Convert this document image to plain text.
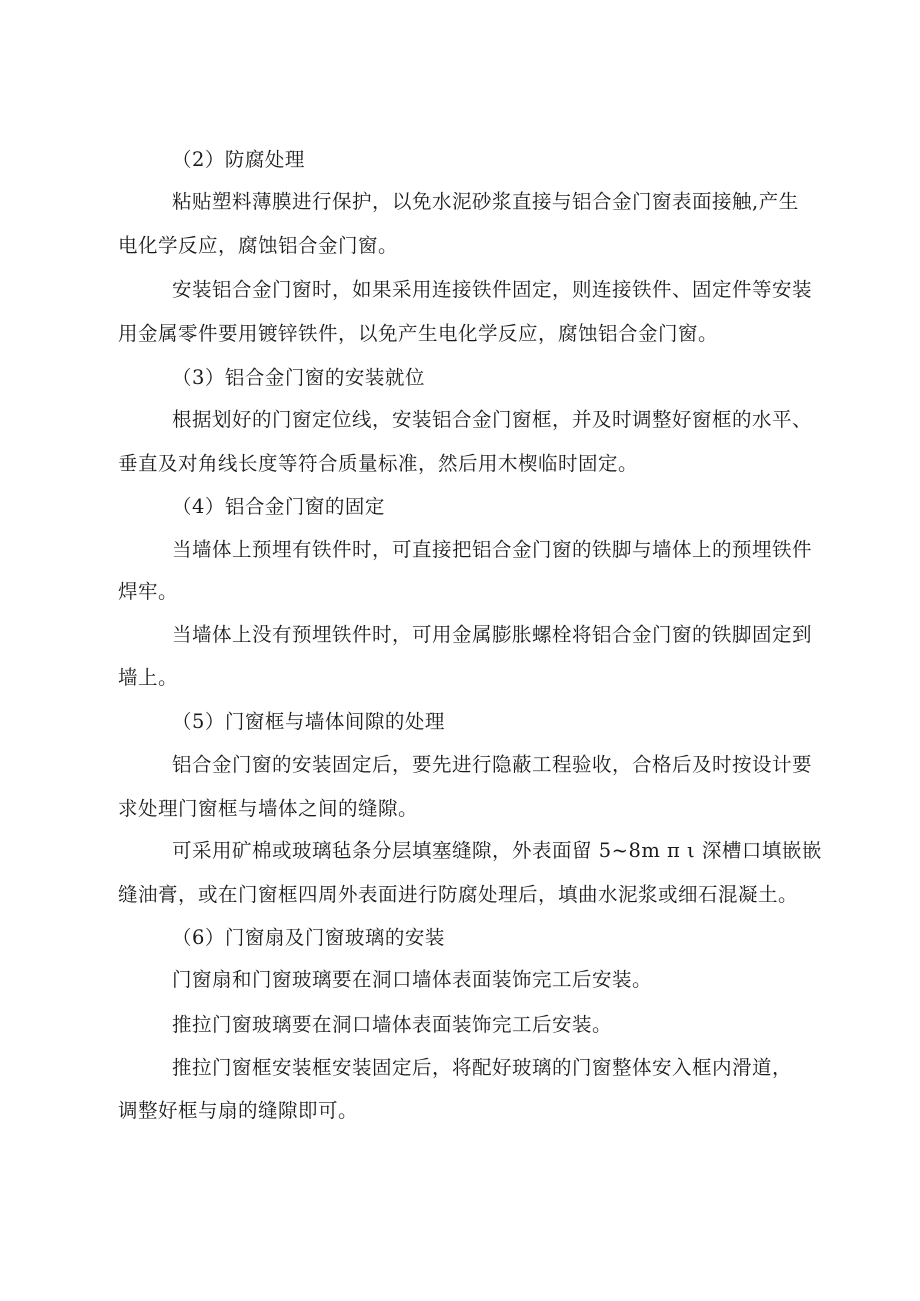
（2）防腐处理

粘贴塑料薄膜进行保护，以免水泥砂浆直接与铝合金门窗表面接触,产生

电化学反应，腐蚀铝合金门窗。

安装铝合金门窗时，如果采用连接铁件固定，则连接铁件、固定件等安装

用金属零件要用镀锌铁件，以免产生电化学反应，腐蚀铝合金门窗。

（3）铝合金门窗的安装就位

根据划好的门窗定位线，安装铝合金门窗框，并及时调整好窗框的水平、

垂直及对角线长度等符合质量标准，然后用木楔临时固定。

（4）铝合金门窗的固定

当墙体上预埋有铁件时，可直接把铝合金门窗的铁脚与墙体上的预埋铁件

焊牢。

当墙体上没有预埋铁件时，可用金属膨胀螺栓将铝合金门窗的铁脚固定到

墙上。

（5）门窗框与墙体间隙的处理

铝合金门窗的安装固定后，要先进行隐蔽工程验收，合格后及时按设计要

求处理门窗框与墙体之间的缝隙。

可采用矿棉或玻璃毡条分层填塞缝隙，外表面留 5~8m π ι 深槽口填嵌嵌

缝油膏，或在门窗框四周外表面进行防腐处理后，填曲水泥浆或细石混凝土。

（6）门窗扇及门窗玻璃的安装

门窗扇和门窗玻璃要在洞口墙体表面装饰完工后安装。

推拉门窗玻璃要在洞口墙体表面装饰完工后安装。

推拉门窗框安装框安装固定后，将配好玻璃的门窗整体安入框内滑道，

调整好框与扇的缝隙即可。
